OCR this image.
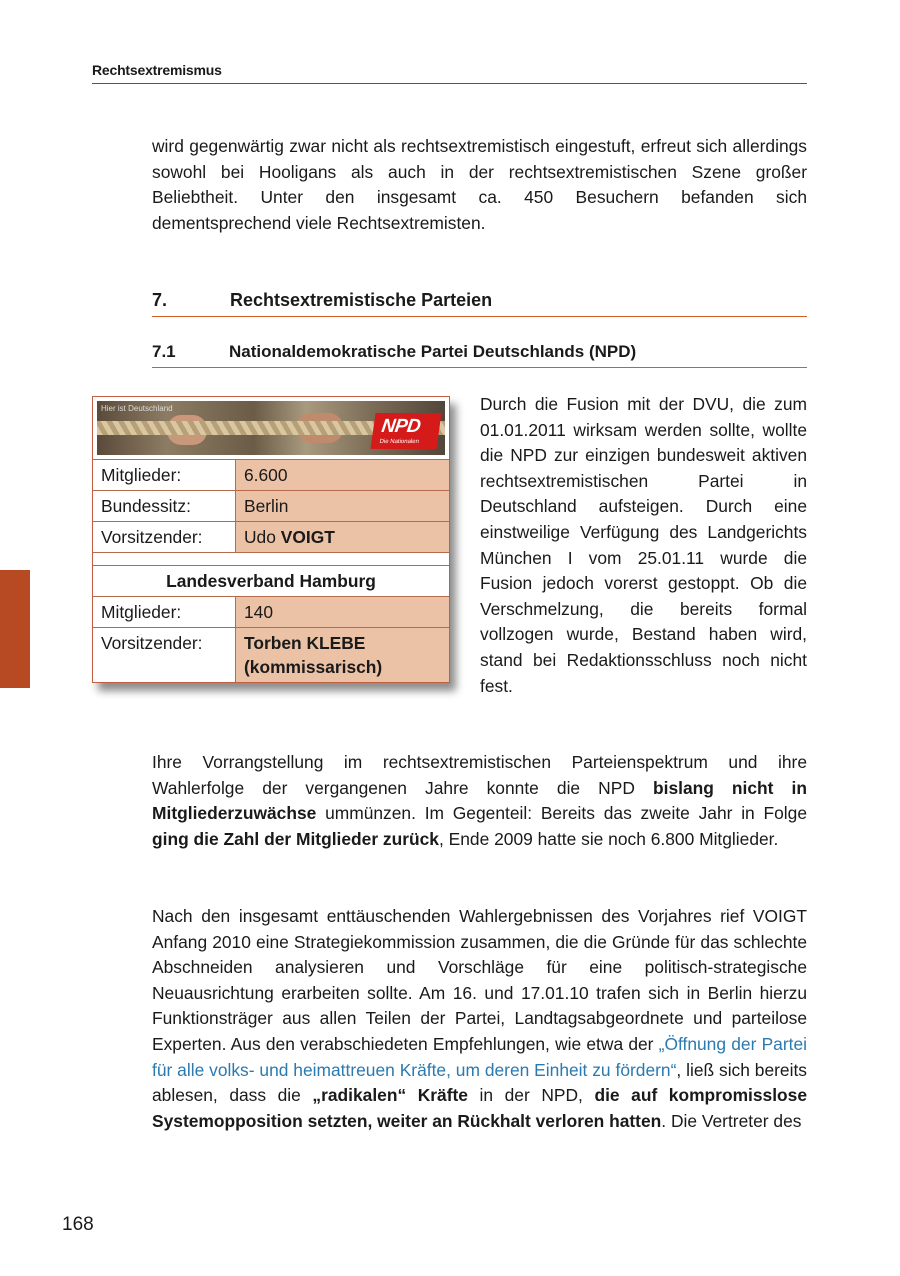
Rechtsextremismus

wird gegenwärtig zwar nicht als rechtsextremistisch eingestuft, erfreut sich allerdings sowohl bei Hooligans als auch in der rechtsextremistischen Szene großer Beliebtheit. Unter den insgesamt ca. 450 Besuchern befanden sich dementsprechend viele Rechtsextremisten.

7.	Rechtsextremistische Parteien
7.1	Nationaldemokratische Partei Deutschlands (NPD)
Hier ist Deutschland
NPD
Die Nationalen
Mitglieder:	6.600
Bundessitz:	Berlin
Vorsitzender:	Udo VOIGT

Landesverband Hamburg	
Mitglieder:	140
Vorsitzender:	Torben KLEBE
(kommissarisch)

Durch die Fusion mit der DVU, die zum 01.01.2011 wirksam werden sollte, wollte die NPD zur einzigen bundesweit aktiven rechtsextremistischen Partei in Deutschland aufsteigen. Durch eine einstweilige Verfügung des Landgerichts München I vom 25.01.11 wurde die Fusion jedoch vorerst gestoppt. Ob die Verschmelzung, die bereits formal vollzogen wurde, Bestand haben wird, stand bei Redaktionsschluss noch nicht fest.

Ihre Vorrangstellung im rechtsextremistischen Parteienspektrum und ihre Wahlerfolge der vergangenen Jahre konnte die NPD bislang nicht in Mitgliederzuwächse ummünzen. Im Gegenteil: Bereits das zweite Jahr in Folge ging die Zahl der Mitglieder zurück, Ende 2009 hatte sie noch 6.800 Mitglieder.

Nach den insgesamt enttäuschenden Wahlergebnissen des Vorjahres rief VOIGT Anfang 2010 eine Strategiekommission zusammen, die die Gründe für das schlechte Abschneiden analysieren und Vorschläge für eine politisch-strategische Neuausrichtung erarbeiten sollte. Am 16. und 17.01.10 trafen sich in Berlin hierzu Funktionsträger aus allen Teilen der Partei, Landtagsabgeordnete und parteilose Experten. Aus den verabschiedeten Empfehlungen, wie etwa der „Öffnung der Partei für alle volks- und heimattreuen Kräfte, um deren Einheit zu fördern“, ließ sich bereits ablesen, dass die „radikalen“ Kräfte in der NPD, die auf kompromisslose Systemopposition setzten, weiter an Rückhalt verloren hatten. Die Vertreter des

168
